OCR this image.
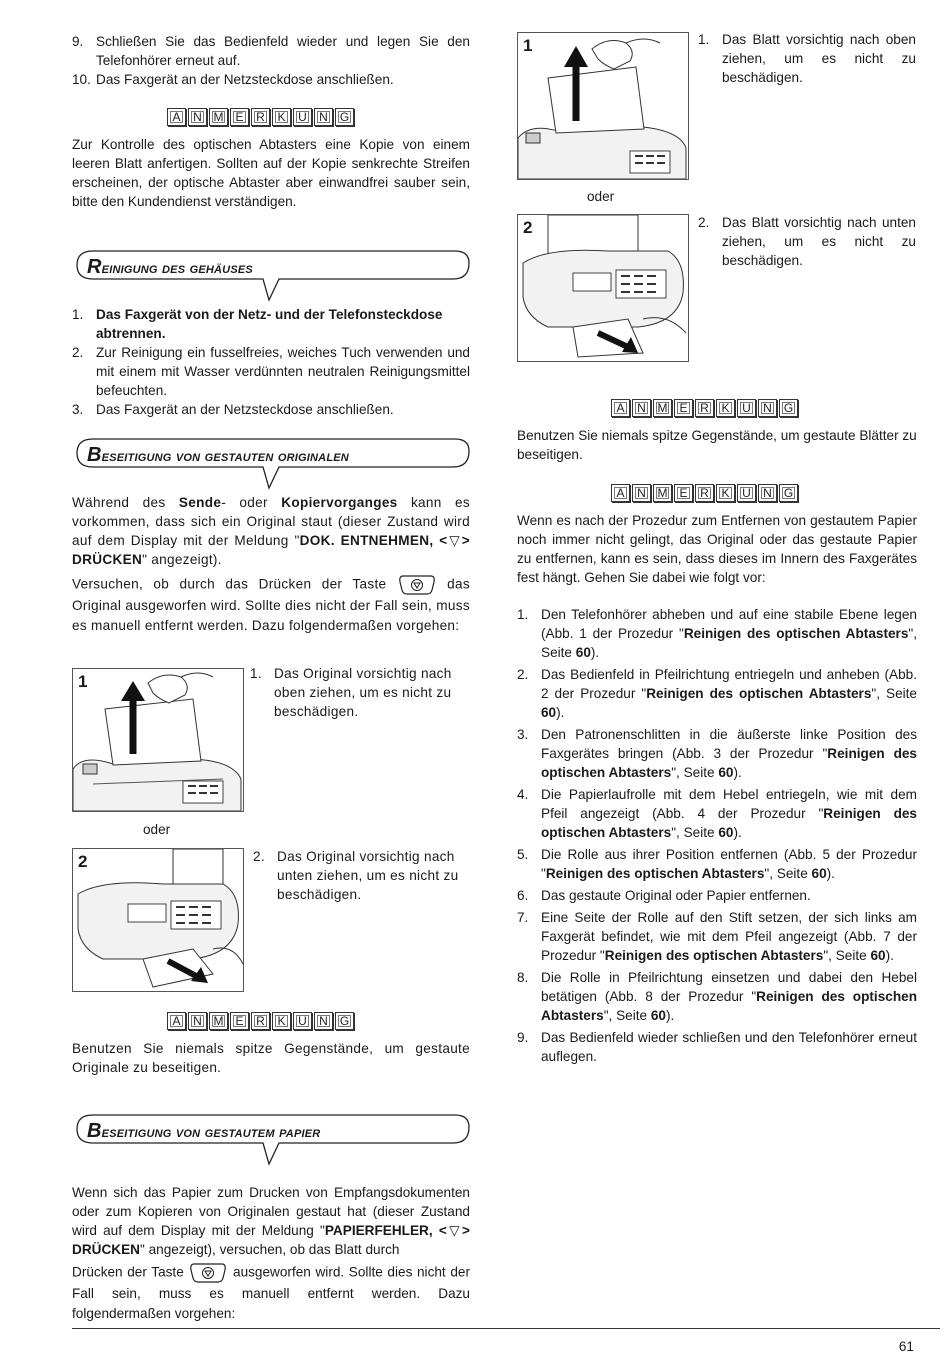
9. Schließen Sie das Bedienfeld wieder und legen Sie den Telefonhörer erneut auf.
10. Das Faxgerät an der Netzsteckdose anschließen.
A	N M E	R	K	U	N	G

Zur Kontrolle des optischen Abtasters eine Kopie von einem leeren Blatt anfertigen. Sollten auf der Kopie senkrechte Streifen erscheinen, der optische Abtaster aber einwandfrei sauber sein, bitte den Kundendienst verständigen.

Reinigung des gehäuses
1. Das Faxgerät von der Netz- und der Telefonsteckdose abtrennen.
2. Zur Reinigung ein fusselfreies, weiches Tuch verwenden und mit einem mit Wasser verdünnten neutralen Reinigungsmittel befeuchten.
3. Das Faxgerät an der Netzsteckdose anschließen.
Beseitigung von gestauten originalen

Während des Sende- oder Kopiervorganges kann es vorkommen, dass sich ein Original staut (dieser Zustand wird auf dem Display mit der Meldung "DOK. ENTNEHMEN, <▽> DRÜCKEN" angezeigt).

Versuchen, ob durch das Drücken der Taste	das Original ausgeworfen wird. Sollte dies nicht der Fall sein, muss es manuell entfernt werden. Dazu folgendermaßen vorgehen:

1	1. Das Original vorsichtig nach oben ziehen, um es nicht zu beschädigen.
oder
2	2. Das Original vorsichtig nach unten ziehen, um es nicht zu beschädigen.
A	N M E	R	K	U	N	G

Benutzen Sie niemals spitze Gegenstände, um gestaute Originale zu beseitigen.

Beseitigung von gestautem papier

Wenn sich das Papier zum Drucken von Empfangsdokumenten oder zum Kopieren von Originalen gestaut hat (dieser Zustand wird auf dem Display mit der Meldung "PAPIERFEHLER, <▽> DRÜCKEN" angezeigt), versuchen, ob das Blatt durch

Drücken der Taste	ausgeworfen wird. Sollte dies nicht der Fall sein, muss es manuell entfernt werden. Dazu folgendermaßen vorgehen:

1	1. Das Blatt vorsichtig nach oben ziehen, um es nicht zu beschädigen.
oder
2	2. Das Blatt vorsichtig nach unten ziehen, um es nicht zu beschädigen.
A	N M E	R	K	U	N	G

Benutzen Sie niemals spitze Gegenstände, um gestaute Blätter zu beseitigen.

A	N M E	R	K	U	N	G

Wenn es nach der Prozedur zum Entfernen von gestautem Papier noch immer nicht gelingt, das Original oder das gestaute Papier zu entfernen, kann es sein, dass dieses im Innern des Faxgerätes fest hängt. Gehen Sie dabei wie folgt vor:

1. Den Telefonhörer abheben und auf eine stabile Ebene legen (Abb. 1 der Prozedur "Reinigen des optischen Abtasters", Seite 60).
2. Das Bedienfeld in Pfeilrichtung entriegeln und anheben (Abb. 2 der Prozedur "Reinigen des optischen Abtasters", Seite 60).
3. Den Patronenschlitten in die äußerste linke Position des Faxgerätes bringen (Abb. 3 der Prozedur "Reinigen des optischen Abtasters", Seite 60).
4. Die Papierlaufrolle mit dem Hebel entriegeln, wie mit dem Pfeil angezeigt (Abb. 4 der Prozedur "Reinigen des optischen Abtasters", Seite 60).
5. Die Rolle aus ihrer Position entfernen (Abb. 5 der Prozedur "Reinigen des optischen Abtasters", Seite 60).
6. Das gestaute Original oder Papier entfernen.
7. Eine Seite der Rolle auf den Stift setzen, der sich links am Faxgerät befindet, wie mit dem Pfeil angezeigt (Abb. 7 der Prozedur "Reinigen des optischen Abtasters", Seite 60).
8. Die Rolle in Pfeilrichtung einsetzen und dabei den Hebel betätigen (Abb. 8 der Prozedur "Reinigen des optischen Abtasters", Seite 60).
9. Das Bedienfeld wieder schließen und den Telefonhörer erneut auflegen.
61
